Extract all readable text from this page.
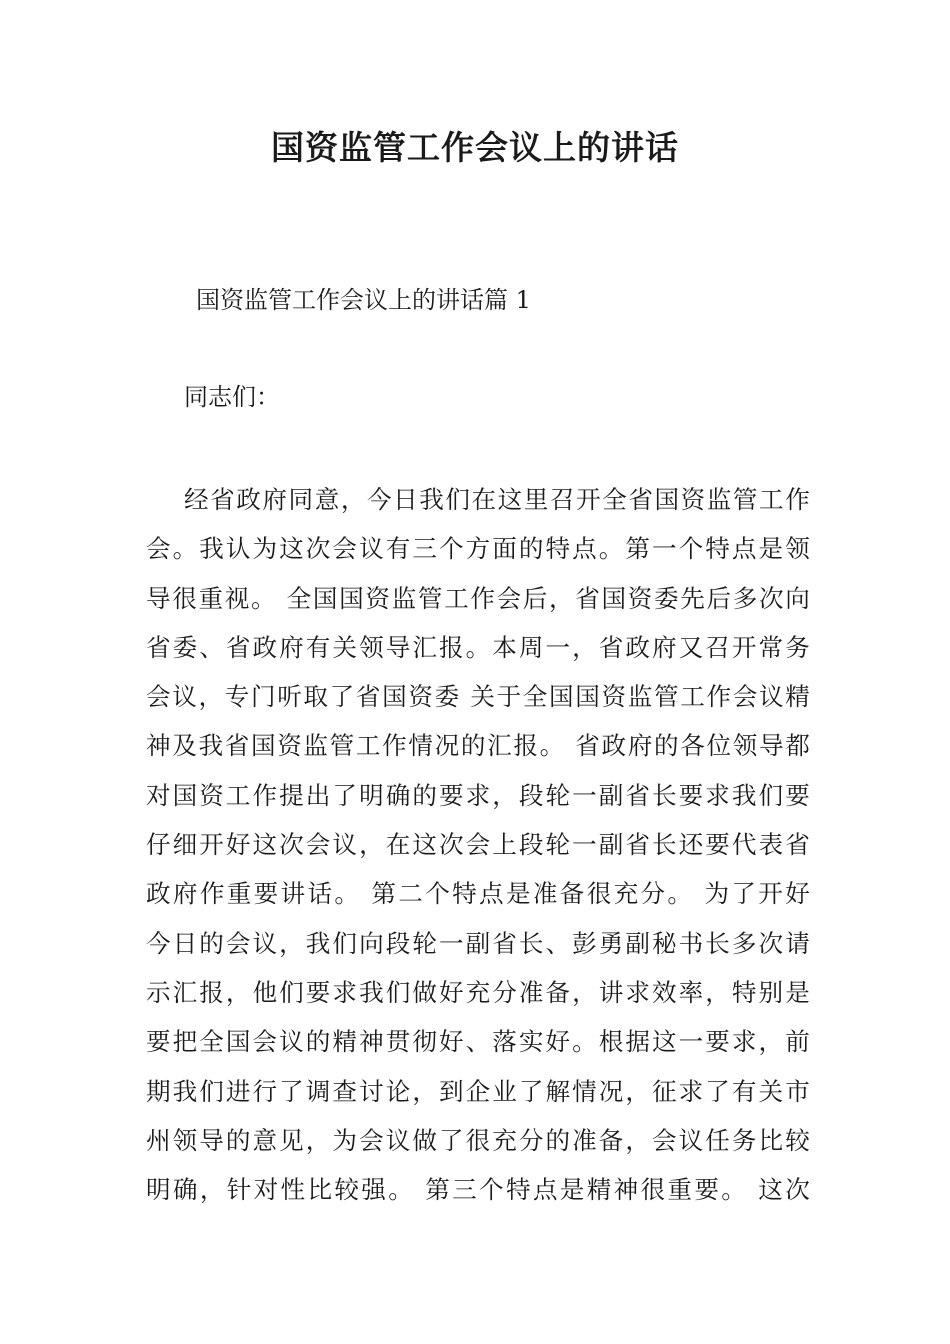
国资监管工作会议上的讲话

国资监管工作会议上的讲话篇 1

同志们：

经省政府同意，今日我们在这里召开全省国资监管工作
会。我认为这次会议有三个方面的特点。第一个特点是领
导很重视。 全国国资监管工作会后，省国资委先后多次向
省委、省政府有关领导汇报。本周一，省政府又召开常务
会议，专门听取了省国资委 关于全国国资监管工作会议精
神及我省国资监管工作情况的汇报。 省政府的各位领导都
对国资工作提出了明确的要求，段轮一副省长要求我们要
仔细开好这次会议，在这次会上段轮一副省长还要代表省
政府作重要讲话。 第二个特点是准备很充分。 为了开好
今日的会议，我们向段轮一副省长、彭勇副秘书长多次请
示汇报，他们要求我们做好充分准备，讲求效率，特别是
要把全国会议的精神贯彻好、落实好。根据这一要求，前
期我们进行了调查讨论，到企业了解情况，征求了有关市
州领导的意见，为会议做了很充分的准备，会议任务比较
明确，针对性比较强。 第三个特点是精神很重要。 这次
